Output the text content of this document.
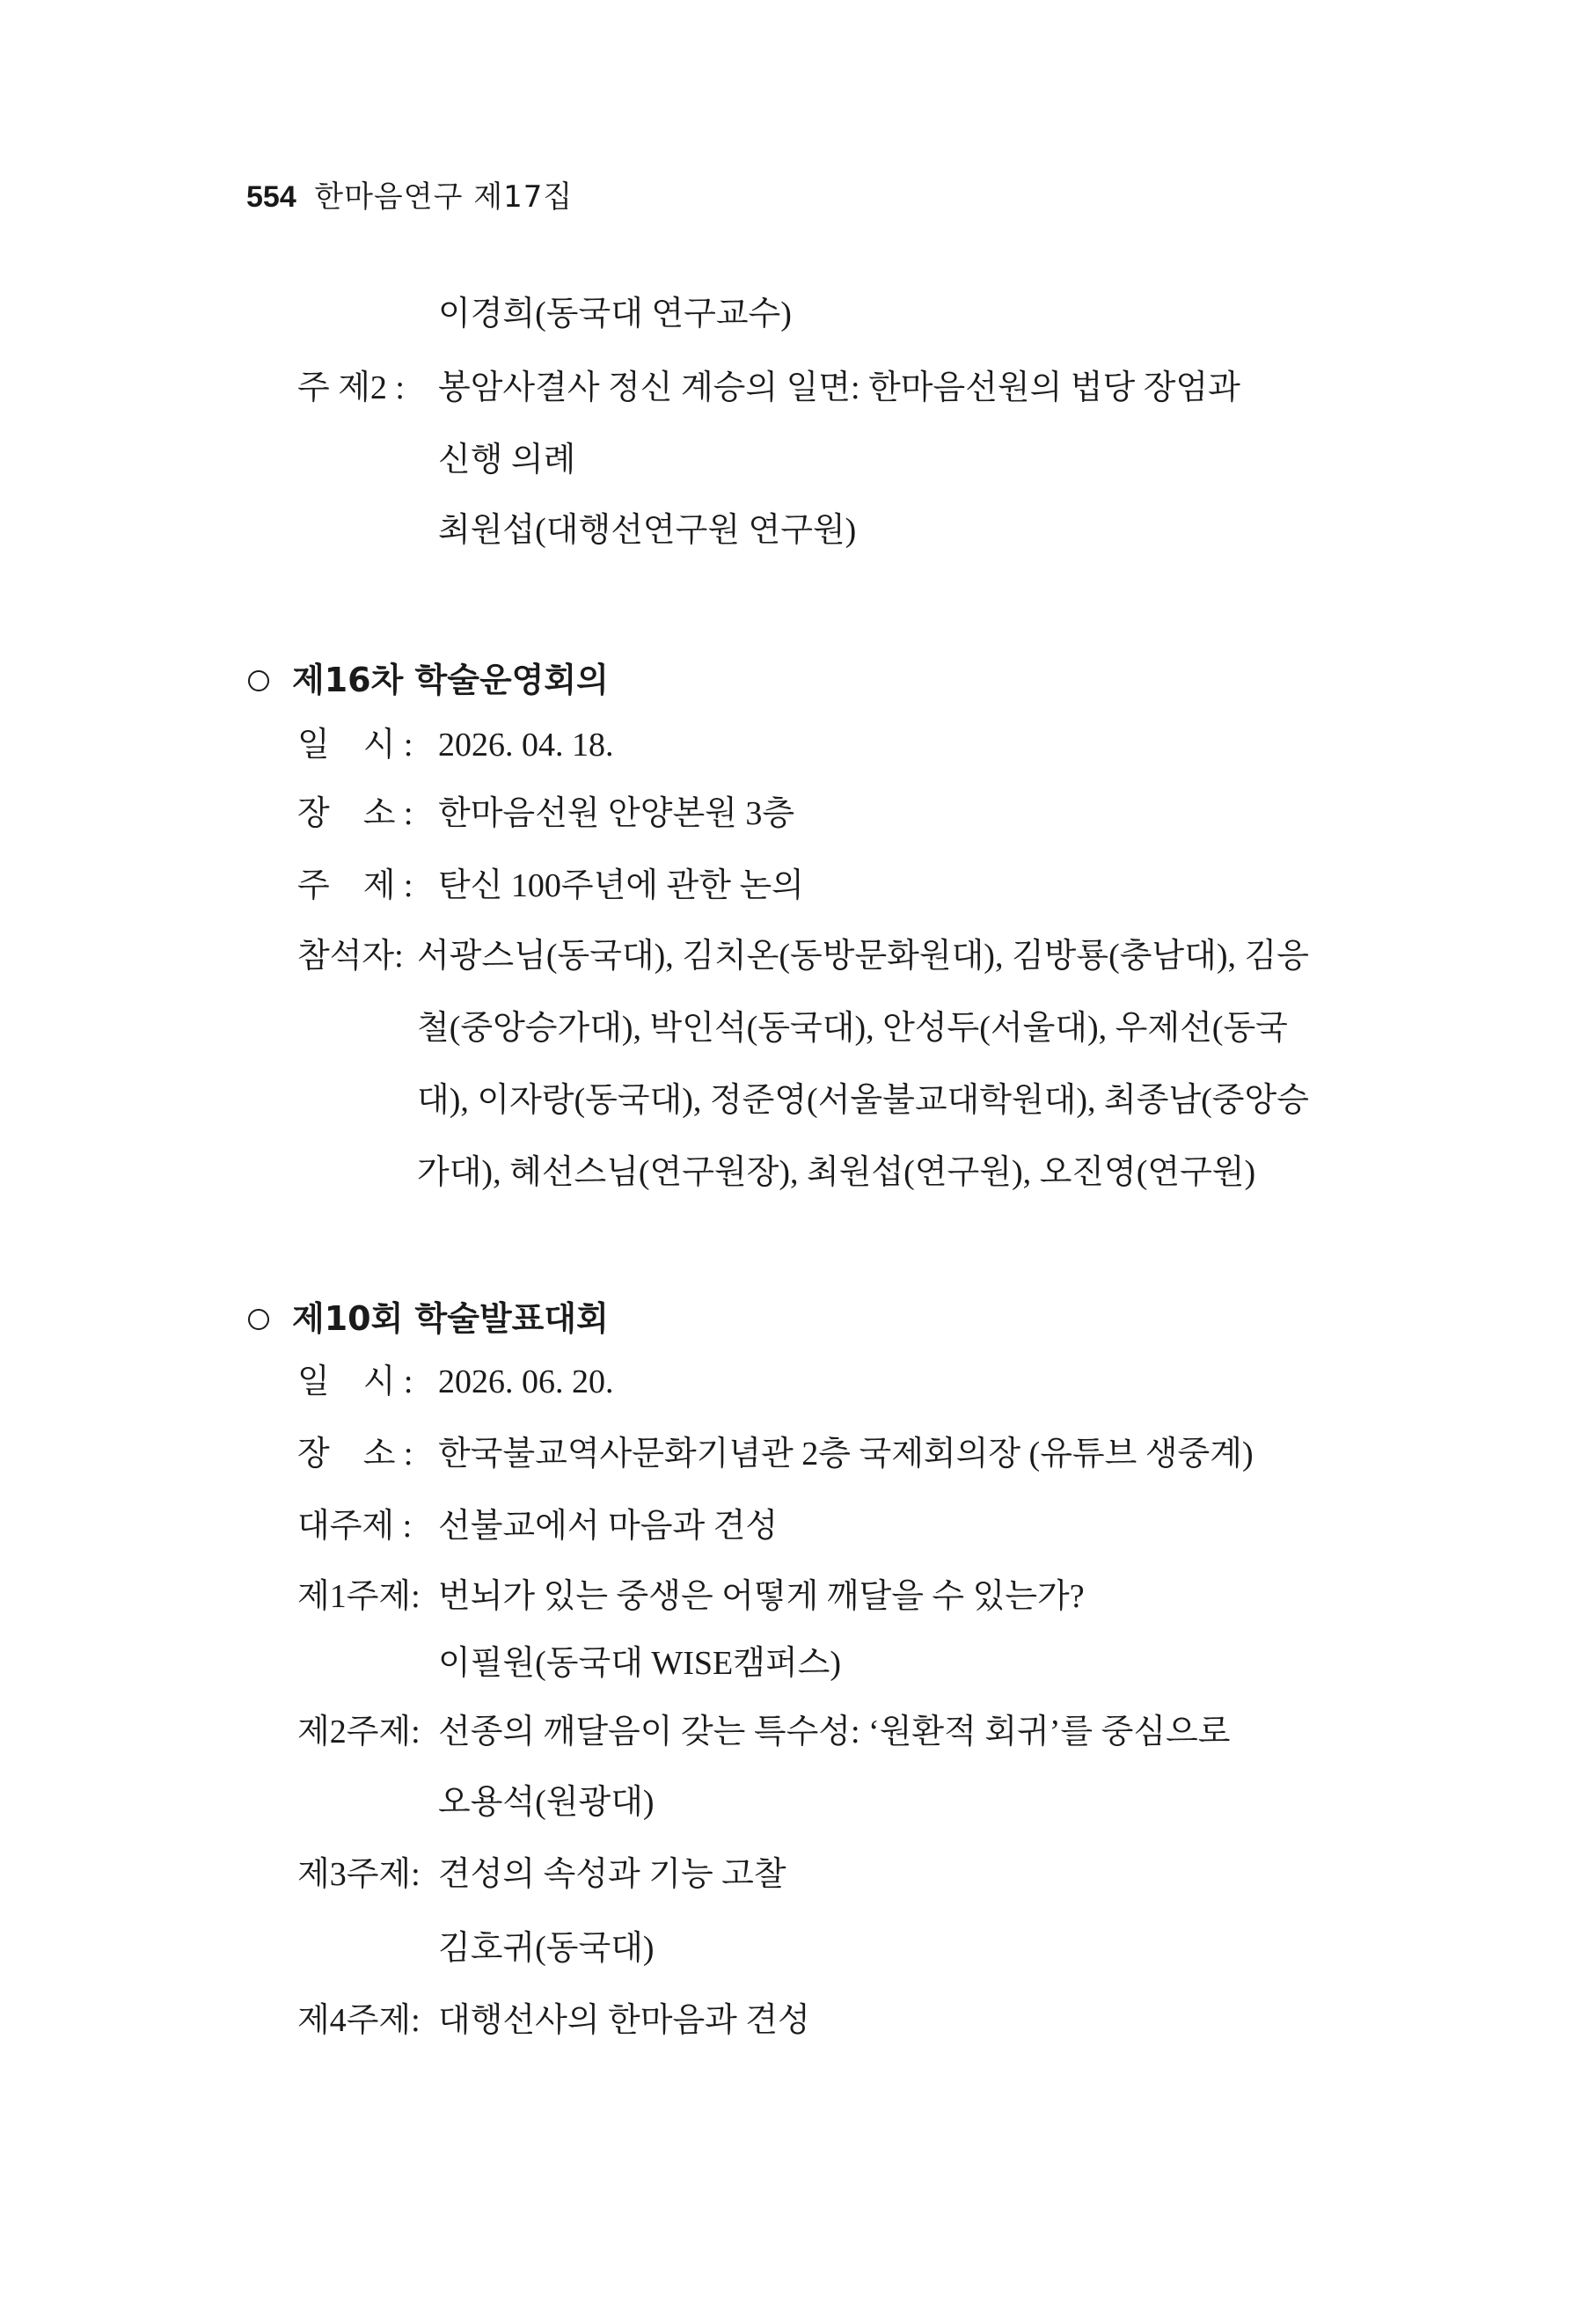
554 한마음연구 제17집
이경희(동국대 연구교수)
주 제2 : 봉암사결사 정신 계승의 일면: 한마음선원의 법당 장엄과
신행 의례
최원섭(대행선연구원 연구원)
제16차 학술운영회의
일    시 : 2026. 04. 18.
장    소 : 한마음선원 안양본원 3층
주    제 : 탄신 100주년에 관한 논의
참석자: 서광스님(동국대), 김치온(동방문화원대), 김방룡(충남대), 김응
철(중앙승가대), 박인석(동국대), 안성두(서울대), 우제선(동국
대), 이자랑(동국대), 정준영(서울불교대학원대), 최종남(중앙승
가대), 혜선스님(연구원장), 최원섭(연구원), 오진영(연구원)
제10회 학술발표대회
일    시 : 2026. 06. 20.
장    소 : 한국불교역사문화기념관 2층 국제회의장 (유튜브 생중계)
대주제 : 선불교에서 마음과 견성
제1주제: 번뇌가 있는 중생은 어떻게 깨달을 수 있는가?
이필원(동국대 WISE캠퍼스)
제2주제: 선종의 깨달음이 갖는 특수성: ‘원환적 회귀’를 중심으로
오용석(원광대)
제3주제: 견성의 속성과 기능 고찰
김호귀(동국대)
제4주제: 대행선사의 한마음과 견성
